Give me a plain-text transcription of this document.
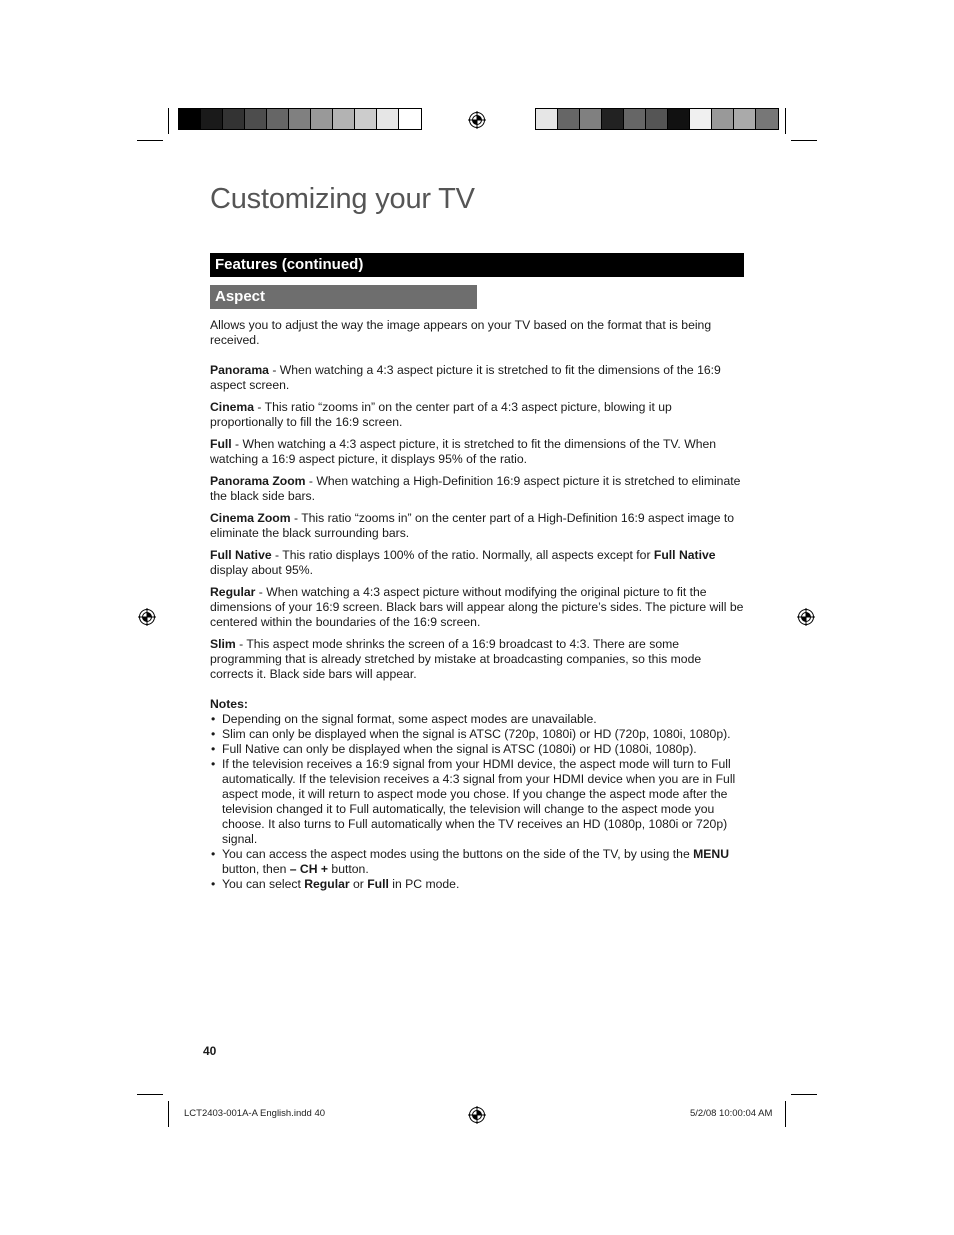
Customizing your TV
Features (continued)
Aspect

Allows you to adjust the way the image appears on your TV based on the format that is being received.

Panorama - When watching a 4:3 aspect picture it is stretched to fit the dimensions of the 16:9 aspect screen.

Cinema - This ratio “zooms in” on the center part of a 4:3 aspect picture, blowing it up proportionally to fill the 16:9 screen.

Full - When watching a 4:3 aspect picture, it is stretched to fit the dimensions of the TV. When watching a 16:9 aspect picture, it displays 95% of the ratio.

Panorama Zoom - When watching a High-Definition 16:9 aspect picture it is stretched to eliminate the black side bars.

Cinema Zoom - This ratio “zooms in” on the center part of a High-Definition 16:9 aspect image to eliminate the black surrounding bars.

Full Native - This ratio displays 100% of the ratio. Normally, all aspects except for Full Native display about 95%.

Regular - When watching a 4:3 aspect picture without modifying the original picture to fit the dimensions of your 16:9 screen. Black bars will appear along the picture’s sides. The picture will be centered within the boundaries of the 16:9 screen.

Slim - This aspect mode shrinks the screen of a 16:9 broadcast to 4:3. There are some programming that is already stretched by mistake at broadcasting companies, so this mode corrects it. Black side bars will appear.

Notes:

• Depending on the signal format, some aspect modes are unavailable.
• Slim can only be displayed when the signal is ATSC (720p, 1080i) or HD (720p, 1080i, 1080p).
• Full Native can only be displayed when the signal is ATSC (1080i) or HD (1080i, 1080p).
• If the television receives a 16:9 signal from your HDMI device, the aspect mode will turn to Full automatically. If the television receives a 4:3 signal from your HDMI device when you are in Full aspect mode, it will return to aspect mode you chose. If you change the aspect mode after the television changed it to Full automatically, the television will change to the aspect mode you choose. It also turns to Full automatically when the TV receives an HD (1080p, 1080i or 720p) signal.
• You can access the aspect modes using the buttons on the side of the TV, by using the MENU button, then – CH + button.
• You can select Regular or Full in PC mode.
40
LCT2403-001A-A English.indd 40	5/2/08 10:00:04 AM
